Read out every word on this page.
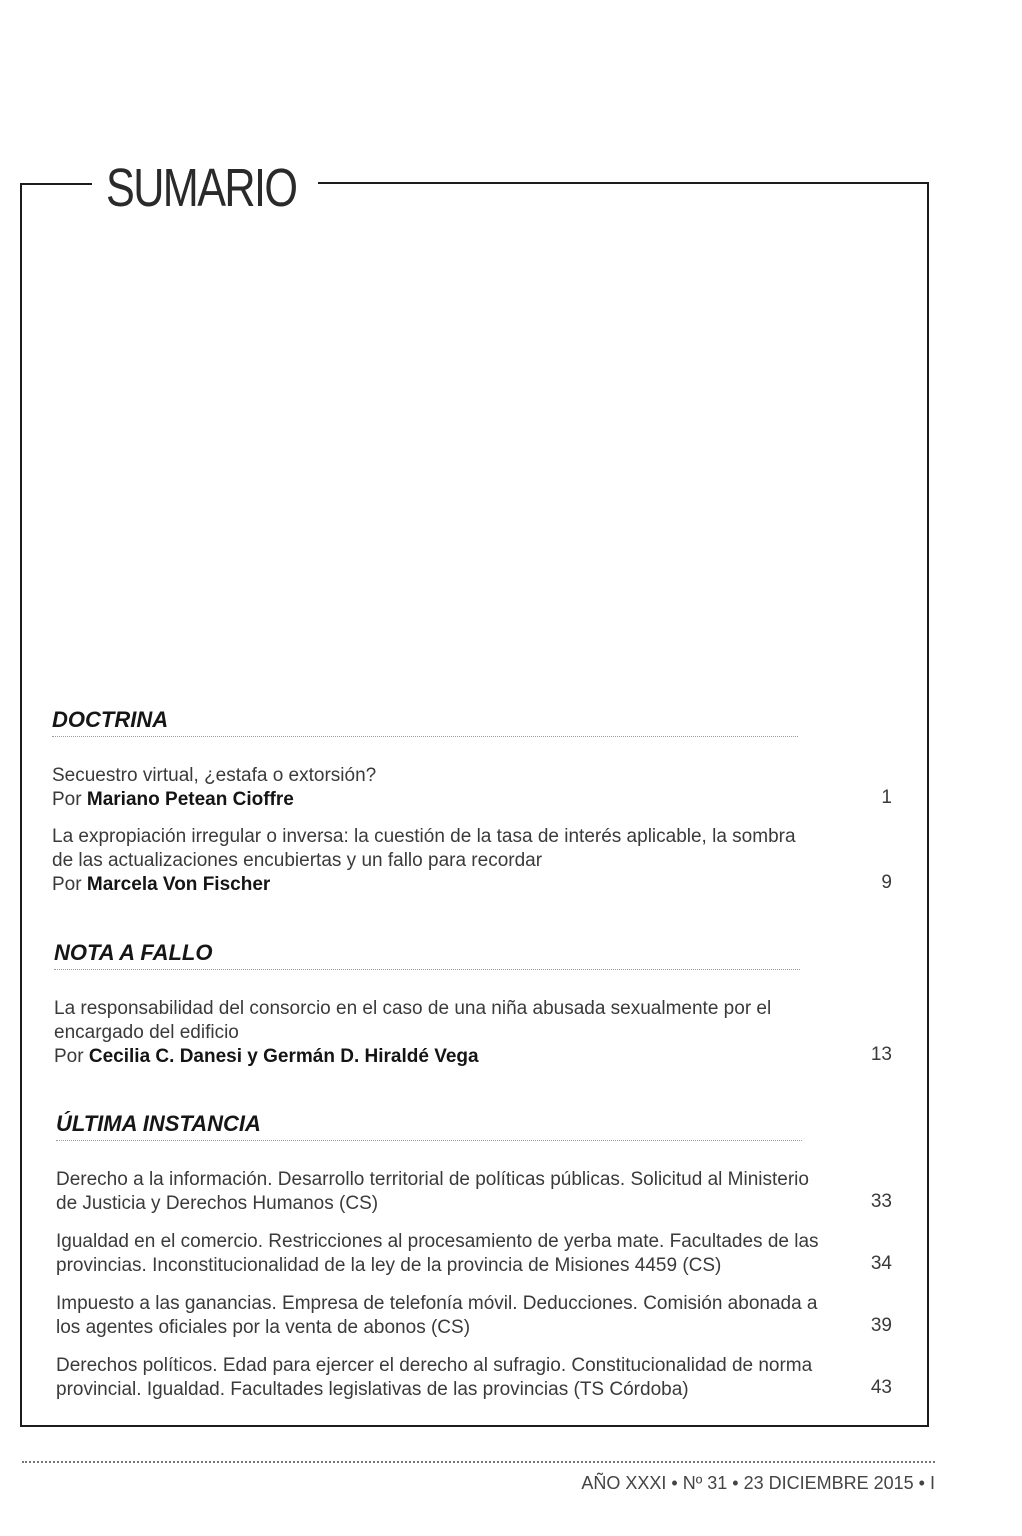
SUMARIO
DOCTRINA
Secuestro virtual, ¿estafa o extorsión?
Por Mariano Petean Cioffre	1
La expropiación irregular o inversa: la cuestión de la tasa de interés aplicable, la sombra
de las actualizaciones encubiertas y un fallo para recordar
Por Marcela Von Fischer	9
NOTA A FALLO
La responsabilidad del consorcio en el caso de una niña abusada sexualmente por el
encargado del edificio
Por Cecilia C. Danesi y Germán D. Hiraldé Vega	13
ÚLTIMA INSTANCIA
Derecho a la información. Desarrollo territorial de políticas públicas. Solicitud al Ministerio
de Justicia y Derechos Humanos (CS)	33
Igualdad en el comercio. Restricciones al procesamiento de yerba mate. Facultades de las
provincias. Inconstitucionalidad de la ley de la provincia de Misiones 4459 (CS)	34
Impuesto a las ganancias. Empresa de telefonía móvil. Deducciones. Comisión abonada a
los agentes oficiales por la venta de abonos (CS)	39
Derechos políticos. Edad para ejercer el derecho al sufragio. Constitucionalidad de norma
provincial. Igualdad. Facultades legislativas de las provincias (TS Córdoba)	43
AÑO XXXI • Nº 31 • 23 DICIEMBRE 2015 • I
